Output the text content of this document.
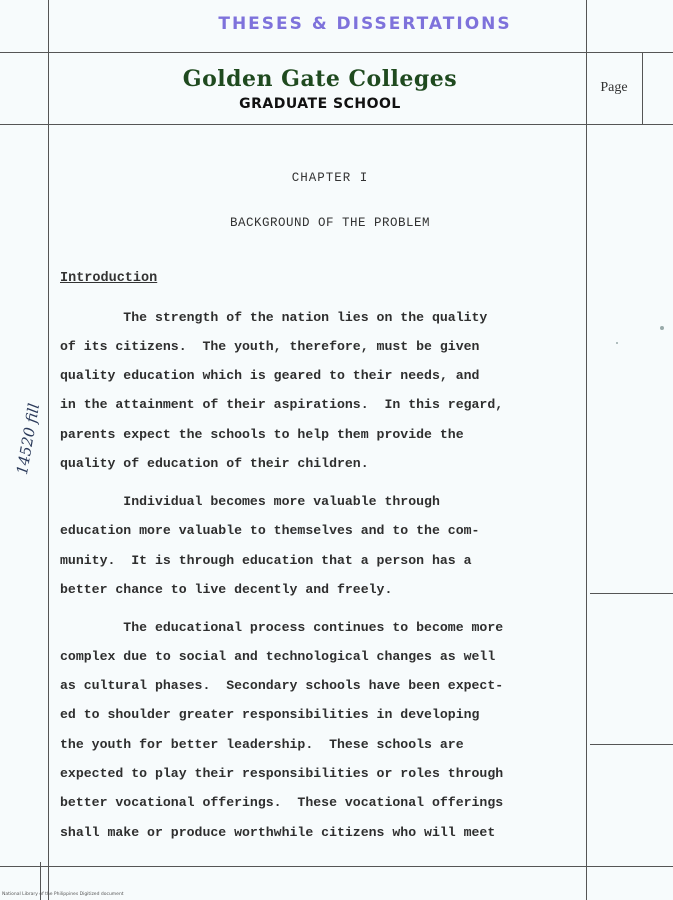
THESES & DISSERTATIONS
Golden Gate Colleges
GRADUATE SCHOOL
Page
CHAPTER I
BACKGROUND OF THE PROBLEM
Introduction
The strength of the nation lies on the quality
of its citizens.  The youth, therefore, must be given
quality education which is geared to their needs, and
in the attainment of their aspirations.  In this regard,
parents expect the schools to help them provide the
quality of education of their children.
Individual becomes more valuable through
education more valuable to themselves and to the com-
munity.  It is through education that a person has a
better chance to live decently and freely.
The educational process continues to become more
complex due to social and technological changes as well
as cultural phases.  Secondary schools have been expect-
ed to shoulder greater responsibilities in developing
the youth for better leadership.  These schools are
expected to play their responsibilities or roles through
better vocational offerings.  These vocational offerings
shall make or produce worthwhile citizens who will meet
14520 fill
National Library of the Philippines Digitized document
